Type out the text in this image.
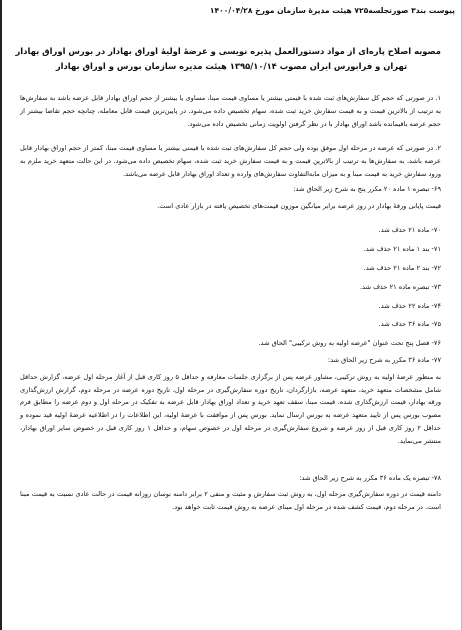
پیوست بند۳ صورتجلسه۷۲۵ هیئت مدیرهٔ سازمان مورخ ۱۴۰۰/۰۴/۲۸
مصوبه اصلاح پاره‌ای از مواد دستورالعمل پذیره نویسی و عرضهٔ اولیهٔ اوراق بهادار در بورس اوراق بهادار
تهران و فرابورس ایران مصوب ۱۳۹۵/۱۰/۱۴ هیئت مدیره سازمان بورس و اوراق بهادار

۱. در صورتی که حجم کل سفارش‌های ثبت شده با قیمتی بیشتر یا مساوی قیمت مبنا، مساوی یا بیشتر از حجم اوراق بهادار قابل عرضه باشد به سفارش‌ها به ترتیب از بالاترین قیمت و به قیمت سفارش خرید ثبت شده، سهام تخصیص داده می‌شود. در پایین‌ترین قیمت قابل معامله، چنانچه حجم تقاضا بیشتر از حجم عرضه باقیمانده باشد اوراق بهادار با در نظر گرفتن اولویت زمانی تخصیص داده می‌شود.

۲. در صورتی که عرضه در مرحله اول موفق بوده ولی حجم کل سفارش‌های ثبت شده با قیمتی بیشتر یا مساوی قیمت مبنا، کمتر از حجم اوراق بهادار قابل عرضه باشد، به سفارش‌ها به ترتیب از بالاترین قیمت و به قیمت سفارش خرید ثبت شده، سهام تخصیص داده می‌شود. در این حالت متعهد خرید ملزم به ورود سفارش خرید به قیمت مبنا و به میزان مابه‌التفاوت سفارش‌های وارده و تعداد اوراق بهادار قابل عرضه می‌باشد.

۶۹- تبصره ۱ ماده ۲۰ مکرر پنج به شرح زیر الحاق شد:

قیمت پایانی ورقهٔ بهادار در روز عرضه برابر میانگین موزون قیمت‌های تخصیص یافته در بازار عادی است.

۷۰- ماده ۲۱ حذف شد.
۷۱- بند ۱ ماده ۲۱ حذف شد.
۷۲- بند ۲ ماده ۲۱ حذف شد.
۷۳- تبصره ماده ۲۱ حذف شد.
۷۴- ماده ۲۲ حذف شد.
۷۵- ماده ۳۶ حذف شد.
۷۶- فصل پنج تحت عنوان "عرضه اولیه به روش ترکیبی" الحاق شد.
۷۷- ماده ۳۶ مکرر به شرح زیر الحاق شد:

به منظور عرضهٔ اولیه به روش ترکیبی، مشاور عرضه پس از برگزاری جلسات معارفه و حداقل ۵ روز کاری قبل از آغاز مرحله اول عرضه، گزارش حداقل شامل مشخصات متعهد خرید، متعهد عرضه، بازارگردان، تاریخ دوره سفارش‌گیری در مرحله اول، تاریخ دوره عرضه در مرحله دوم، گزارش ارزش‌گذاری ورقه بهادار، قیمت ارزش‌گذاری شده، قیمت مبنا، سقف تعهد خرید و تعداد اوراق بهادار قابل عرضه به تفکیک در مرحله اول و دوم عرضه را مطابق فرم مصوب بورس پس از تایید متعهد عرضه به بورس ارسال نماید. بورس پس از موافقت با عرضهٔ اولیه، این اطلاعات را در اطلاعیه عرضهٔ اولیه قید نموده و حداقل ۲ روز کاری قبل از روز عرضه و شروع سفارش‌گیری در مرحله اول در خصوص سهام، و حداقل ۱ روز کاری قبل در خصوص سایر اوراق بهادار، منتشر می‌نماید.

۷۸- تبصره یک ماده ۳۶ مکرر به شرح زیر الحاق شد:

دامنه قیمت در دوره سفارش‌گیری مرحله اول، به روش ثبت سفارش و مثبت و منفی ۲ برابر دامنه نوسان روزانه قیمت در حالت عادی نسبت به قیمت مبنا است. در مرحله دوم، قیمت کشف شده در مرحله اول مبنای عرضه به روش قیمت ثابت خواهد بود.
